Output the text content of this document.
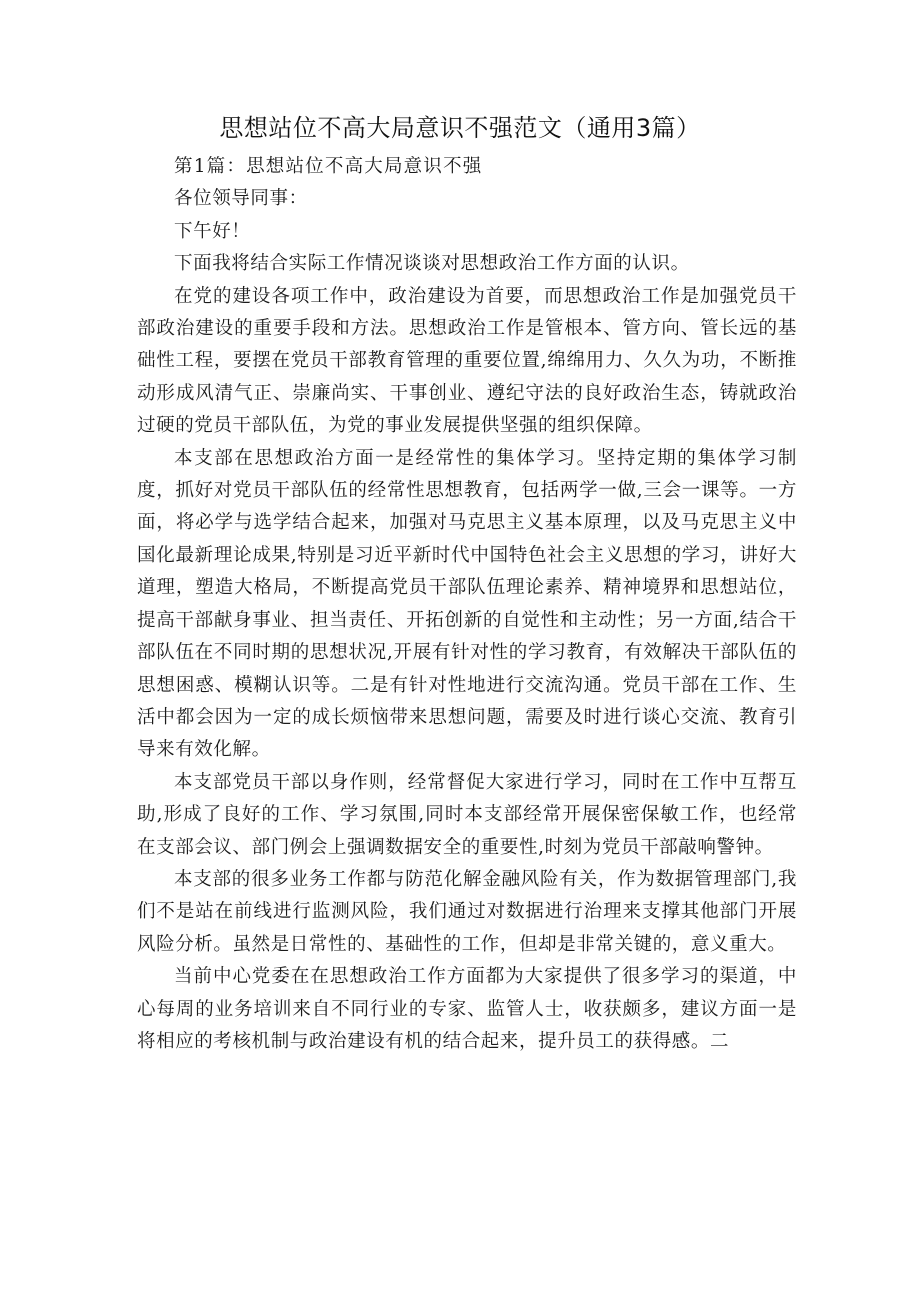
思想站位不高大局意识不强范文（通用3篇）

第1篇：思想站位不高大局意识不强

各位领导同事：

下午好！

下面我将结合实际工作情况谈谈对思想政治工作方面的认识。

在党的建设各项工作中，政治建设为首要，而思想政治工作是加强党员干部政治建设的重要手段和方法。思想政治工作是管根本、管方向、管长远的基础性工程，要摆在党员干部教育管理的重要位置,绵绵用力、久久为功，不断推动形成风清气正、崇廉尚实、干事创业、遵纪守法的良好政治生态，铸就政治过硬的党员干部队伍，为党的事业发展提供坚强的组织保障。

本支部在思想政治方面一是经常性的集体学习。坚持定期的集体学习制度，抓好对党员干部队伍的经常性思想教育，包括两学一做,三会一课等。一方面，将必学与选学结合起来，加强对马克思主义基本原理，以及马克思主义中国化最新理论成果,特别是习近平新时代中国特色社会主义思想的学习，讲好大道理，塑造大格局，不断提高党员干部队伍理论素养、精神境界和思想站位，提高干部献身事业、担当责任、开拓创新的自觉性和主动性；另一方面,结合干部队伍在不同时期的思想状况,开展有针对性的学习教育，有效解决干部队伍的思想困惑、模糊认识等。二是有针对性地进行交流沟通。党员干部在工作、生活中都会因为一定的成长烦恼带来思想问题，需要及时进行谈心交流、教育引导来有效化解。

本支部党员干部以身作则，经常督促大家进行学习，同时在工作中互帮互助,形成了良好的工作、学习氛围,同时本支部经常开展保密保敏工作，也经常在支部会议、部门例会上强调数据安全的重要性,时刻为党员干部敲响警钟。

本支部的很多业务工作都与防范化解金融风险有关，作为数据管理部门,我们不是站在前线进行监测风险，我们通过对数据进行治理来支撑其他部门开展风险分析。虽然是日常性的、基础性的工作，但却是非常关键的，意义重大。

当前中心党委在在思想政治工作方面都为大家提供了很多学习的渠道，中心每周的业务培训来自不同行业的专家、监管人士，收获颇多，建议方面一是将相应的考核机制与政治建设有机的结合起来，提升员工的获得感。二
